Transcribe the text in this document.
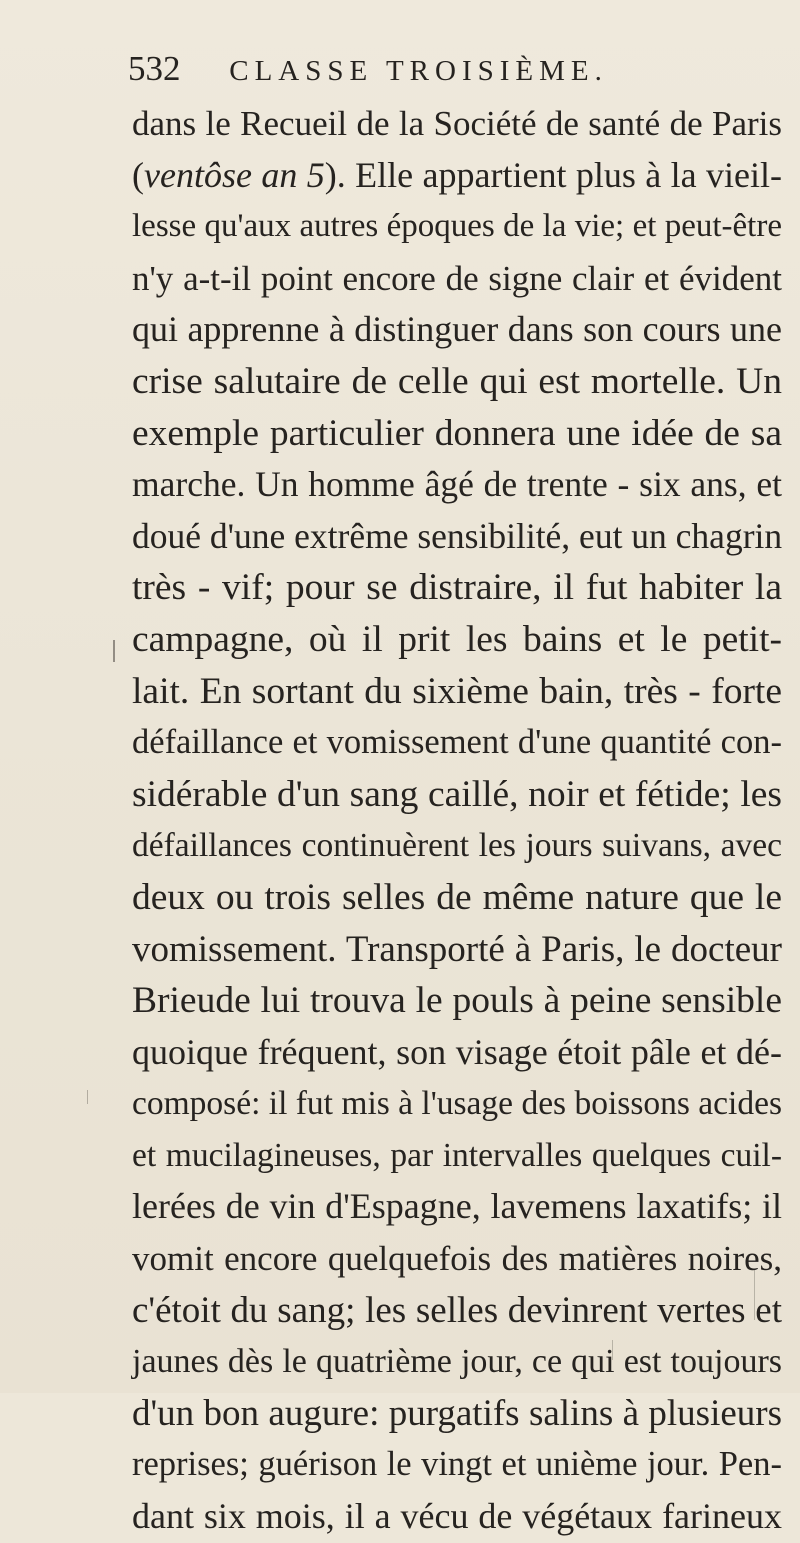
532 CLASSE TROISIÈME.
dans le Recueil de la Société de santé de Paris
(ventôse an 5). Elle appartient plus à la vieil-
lesse qu'aux autres époques de la vie; et peut-être
n'y a-t-il point encore de signe clair et évident
qui apprenne à distinguer dans son cours une
crise salutaire de celle qui est mortelle. Un
exemple particulier donnera une idée de sa
marche. Un homme âgé de trente - six ans, et
doué d'une extrême sensibilité, eut un chagrin
très - vif; pour se distraire, il fut habiter la
campagne, où il prit les bains et le petit-
lait. En sortant du sixième bain, très - forte
défaillance et vomissement d'une quantité con-
sidérable d'un sang caillé, noir et fétide; les
défaillances continuèrent les jours suivans, avec
deux ou trois selles de même nature que le
vomissement. Transporté à Paris, le docteur
Brieude lui trouva le pouls à peine sensible
quoique fréquent, son visage étoit pâle et dé-
composé: il fut mis à l'usage des boissons acides
et mucilagineuses, par intervalles quelques cuil-
lerées de vin d'Espagne, lavemens laxatifs; il
vomit encore quelquefois des matières noires,
c'étoit du sang; les selles devinrent vertes et
jaunes dès le quatrième jour, ce qui est toujours
d'un bon augure: purgatifs salins à plusieurs
reprises; guérison le vingt et unième jour. Pen-
dant six mois, il a vécu de végétaux farineux
